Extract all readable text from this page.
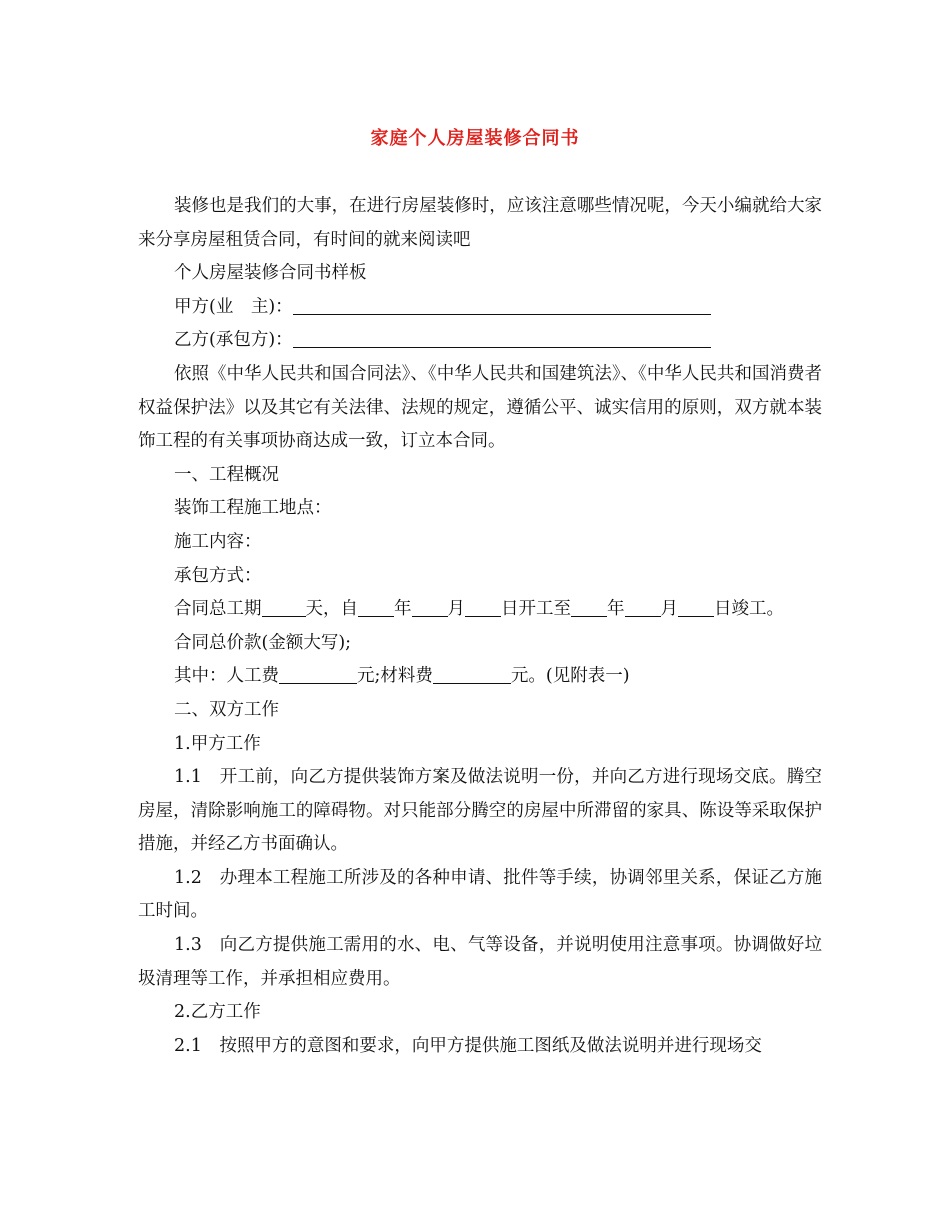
家庭个人房屋装修合同书

装修也是我们的大事，在进行房屋装修时，应该注意哪些情况呢，今天小编就给大家来分享房屋租赁合同，有时间的就来阅读吧

个人房屋装修合同书样板

甲方(业　主)：

乙方(承包方)：

依照《中华人民共和国合同法》、《中华人民共和国建筑法》、《中华人民共和国消费者权益保护法》以及其它有关法律、法规的规定，遵循公平、诚实信用的原则，双方就本装饰工程的有关事项协商达成一致，订立本合同。

一、工程概况

装饰工程施工地点：

施工内容：

承包方式：

合同总工期	天，自 年 月 日开工至 年 月 日竣工。

合同总价款(金额大写);

其中：人工费	元;材料费	元。(见附表一)

二、双方工作

1.甲方工作

1.1　开工前，向乙方提供装饰方案及做法说明一份，并向乙方进行现场交底。腾空房屋，清除影响施工的障碍物。对只能部分腾空的房屋中所滞留的家具、陈设等采取保护措施，并经乙方书面确认。

1.2　办理本工程施工所涉及的各种申请、批件等手续，协调邻里关系，保证乙方施工时间。

1.3　向乙方提供施工需用的水、电、气等设备，并说明使用注意事项。协调做好垃圾清理等工作，并承担相应费用。

2.乙方工作

2.1　按照甲方的意图和要求，向甲方提供施工图纸及做法说明并进行现场交
